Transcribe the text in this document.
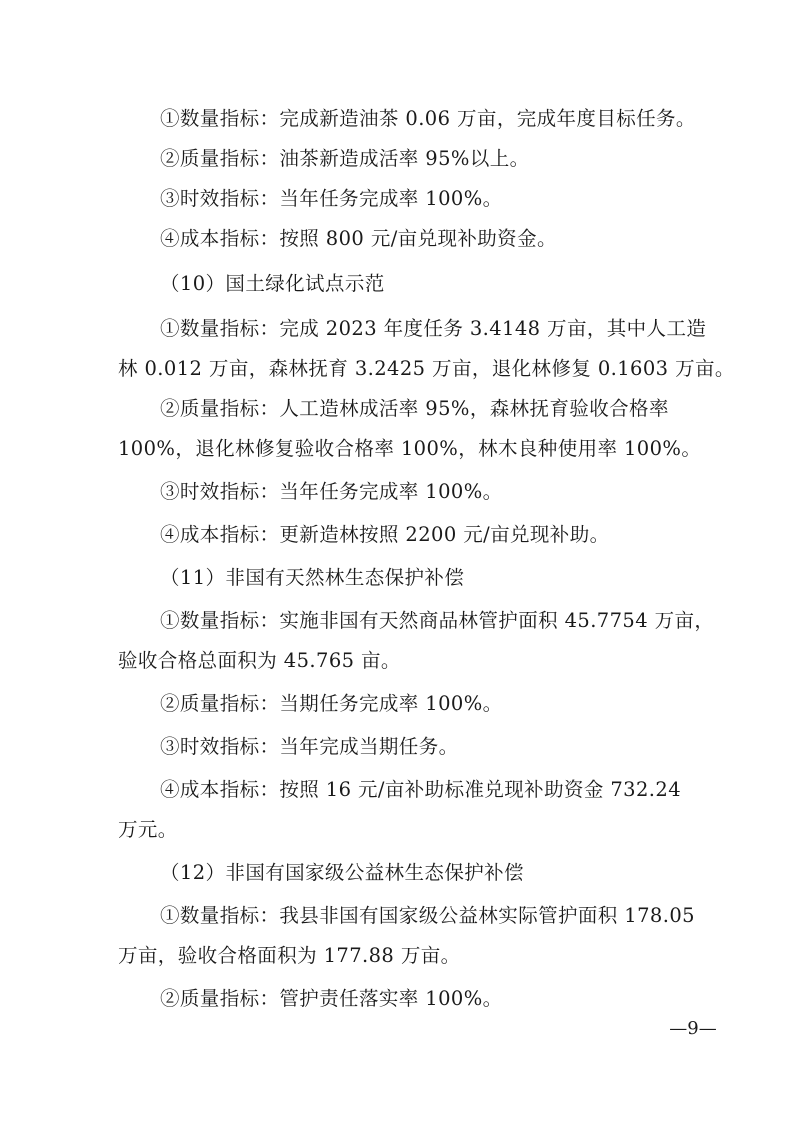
①数量指标：完成新造油茶 0.06 万亩，完成年度目标任务。
②质量指标：油茶新造成活率 95%以上。
③时效指标：当年任务完成率 100%。
④成本指标：按照 800 元/亩兑现补助资金。
（10）国土绿化试点示范
①数量指标：完成 2023 年度任务 3.4148 万亩，其中人工造
林 0.012 万亩，森林抚育 3.2425 万亩，退化林修复 0.1603 万亩。
②质量指标：人工造林成活率 95%，森林抚育验收合格率
100%，退化林修复验收合格率 100%，林木良种使用率 100%。
③时效指标：当年任务完成率 100%。
④成本指标：更新造林按照 2200 元/亩兑现补助。
（11）非国有天然林生态保护补偿
①数量指标：实施非国有天然商品林管护面积 45.7754 万亩，
验收合格总面积为 45.765 亩。
②质量指标：当期任务完成率 100%。
③时效指标：当年完成当期任务。
④成本指标：按照 16 元/亩补助标准兑现补助资金 732.24
万元。
（12）非国有国家级公益林生态保护补偿
①数量指标：我县非国有国家级公益林实际管护面积 178.05
万亩，验收合格面积为 177.88 万亩。
②质量指标：管护责任落实率 100%。
—9—
